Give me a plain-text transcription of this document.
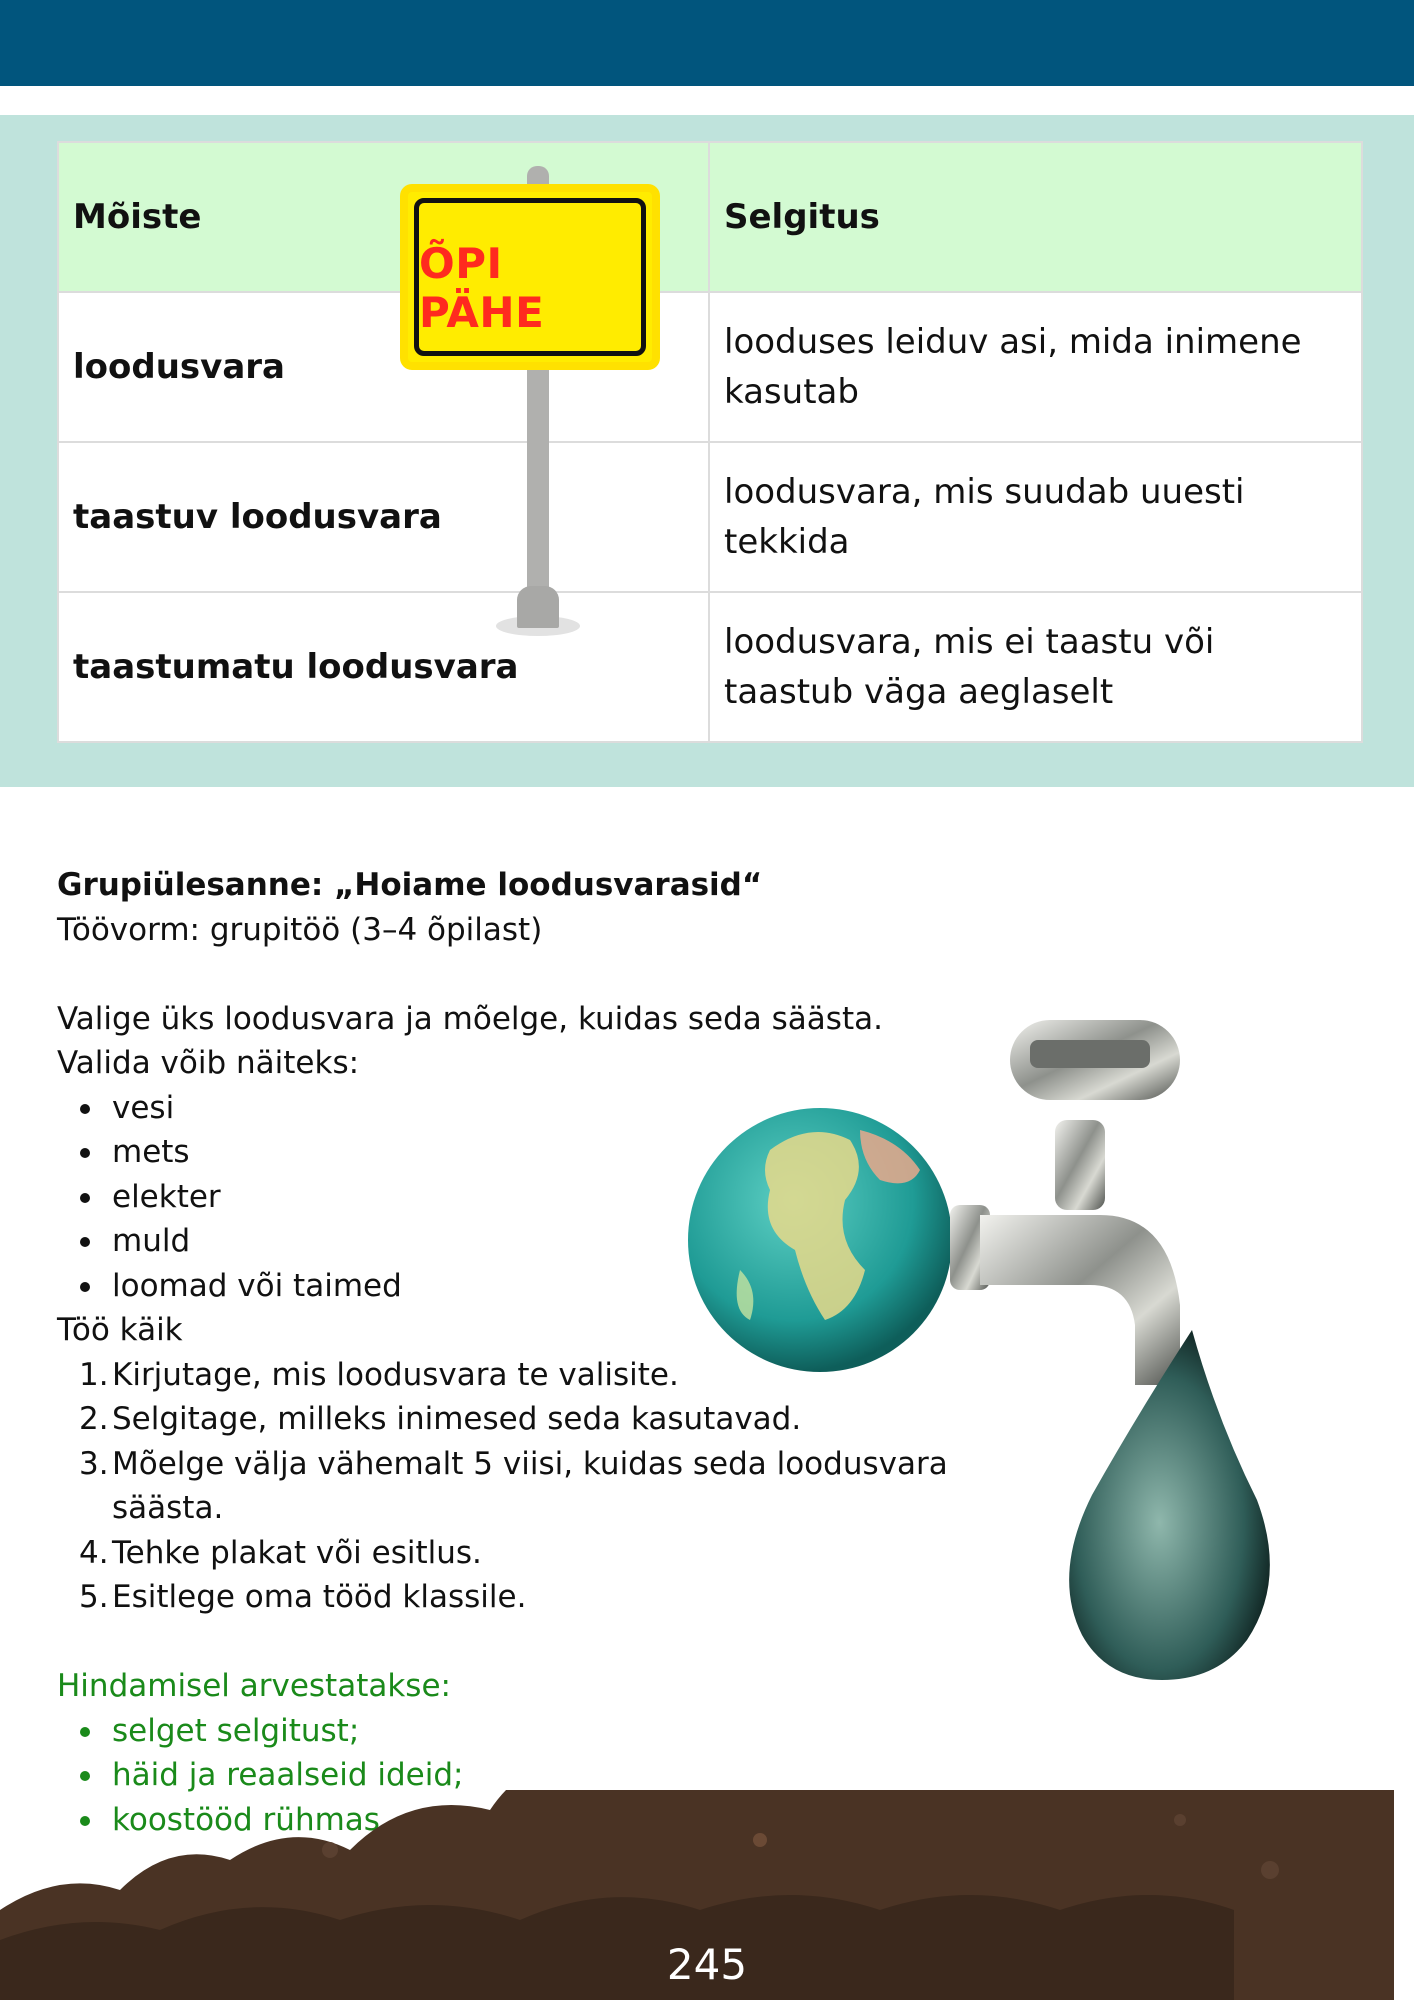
Mõiste	Selgitus
loodusvara	looduses leiduv asi, mida inimene kasutab
taastuv loodusvara	loodusvara, mis suudab uuesti tekkida
taastumatu loodusvara	loodusvara, mis ei taastu või taastub väga aeglaselt
ÕPI PÄHE

Grupiülesanne: „Hoiame loodusvarasid“

Töövorm: grupitöö (3–4 õpilast)

Valige üks loodusvara ja mõelge, kuidas seda säästa.

Valida võib näiteks:

vesi
mets
elekter
muld
loomad või taimed

Töö käik

1. Kirjutage, mis loodusvara te valisite.
2. Selgitage, milleks inimesed seda kasutavad.
3. Mõelge välja vähemalt 5 viisi, kuidas seda loodusvara säästa.
4. Tehke plakat või esitlus.
5. Esitlege oma tööd klassile.

Hindamisel arvestatakse:

selget selgitust;
häid ja reaalseid ideid;
koostööd rühmas.
245
